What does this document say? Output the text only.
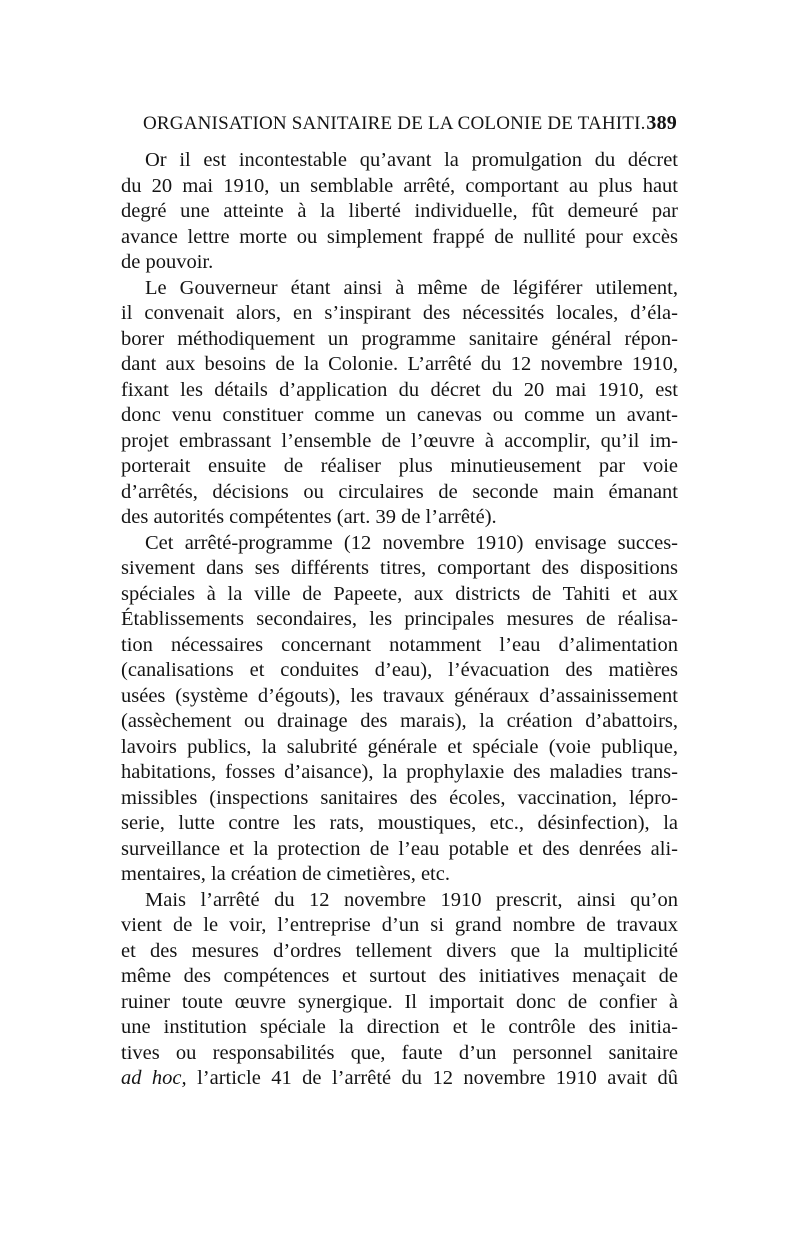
ORGANISATION SANITAIRE DE LA COLONIE DE TAHITI. 389
Or il est incontestable qu’avant la promulgation du décret
du 20 mai 1910, un semblable arrêté, comportant au plus haut
degré une atteinte à la liberté individuelle, fût demeuré par
avance lettre morte ou simplement frappé de nullité pour excès
de pouvoir.
Le Gouverneur étant ainsi à même de légiférer utilement,
il convenait alors, en s’inspirant des nécessités locales, d’éla-
borer méthodiquement un programme sanitaire général répon-
dant aux besoins de la Colonie. L’arrêté du 12 novembre 1910,
fixant les détails d’application du décret du 20 mai 1910, est
donc venu constituer comme un canevas ou comme un avant-
projet embrassant l’ensemble de l’œuvre à accomplir, qu’il im-
porterait ensuite de réaliser plus minutieusement par voie
d’arrêtés, décisions ou circulaires de seconde main émanant
des autorités compétentes (art. 39 de l’arrêté).
Cet arrêté-programme (12 novembre 1910) envisage succes-
sivement dans ses différents titres, comportant des dispositions
spéciales à la ville de Papeete, aux districts de Tahiti et aux
Établissements secondaires, les principales mesures de réalisa-
tion nécessaires concernant notamment l’eau d’alimentation
(canalisations et conduites d’eau), l’évacuation des matières
usées (système d’égouts), les travaux généraux d’assainissement
(assèchement ou drainage des marais), la création d’abattoirs,
lavoirs publics, la salubrité générale et spéciale (voie publique,
habitations, fosses d’aisance), la prophylaxie des maladies trans-
missibles (inspections sanitaires des écoles, vaccination, lépro-
serie, lutte contre les rats, moustiques, etc., désinfection), la
surveillance et la protection de l’eau potable et des denrées ali-
mentaires, la création de cimetières, etc.
Mais l’arrêté du 12 novembre 1910 prescrit, ainsi qu’on
vient de le voir, l’entreprise d’un si grand nombre de travaux
et des mesures d’ordres tellement divers que la multiplicité
même des compétences et surtout des initiatives menaçait de
ruiner toute œuvre synergique. Il importait donc de confier à
une institution spéciale la direction et le contrôle des initia-
tives ou responsabilités que, faute d’un personnel sanitaire
ad hoc, l’article 41 de l’arrêté du 12 novembre 1910 avait dû
